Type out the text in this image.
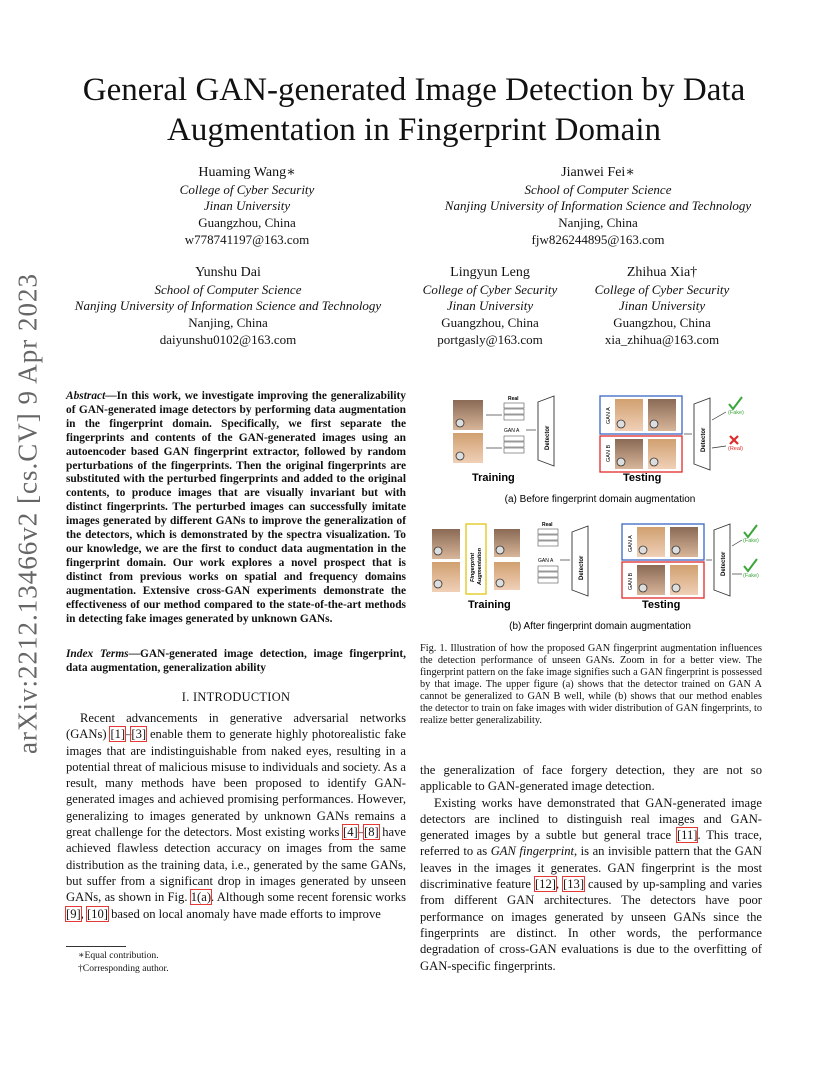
arXiv:2212.13466v2 [cs.CV] 9 Apr 2023
General GAN-generated Image Detection by Data
Augmentation in Fingerprint Domain
Huaming Wang∗
College of Cyber Security
Jinan University
Guangzhou, China
w778741197@163.com
Jianwei Fei∗
School of Computer Science
Nanjing University of Information Science and Technology
Nanjing, China
fjw826244895@163.com
Yunshu Dai
School of Computer Science
Nanjing University of Information Science and Technology
Nanjing, China
daiyunshu0102@163.com
Lingyun Leng
College of Cyber Security
Jinan University
Guangzhou, China
portgasly@163.com
Zhihua Xia†
College of Cyber Security
Jinan University
Guangzhou, China
xia_zhihua@163.com
Abstract—In this work, we investigate improving the generalizability of GAN-generated image detectors by performing data augmentation in the fingerprint domain. Specifically, we first separate the fingerprints and contents of the GAN-generated images using an autoencoder based GAN fingerprint extractor, followed by random perturbations of the fingerprints. Then the original fingerprints are substituted with the perturbed fingerprints and added to the original contents, to produce images that are visually invariant but with distinct fingerprints. The perturbed images can successfully imitate images generated by different GANs to improve the generalization of the detectors, which is demonstrated by the spectra visualization. To our knowledge, we are the first to conduct data augmentation in the fingerprint domain. Our work explores a novel prospect that is distinct from previous works on spatial and frequency domains augmentation. Extensive cross-GAN experiments demonstrate the effectiveness of our method compared to the state-of-the-art methods in detecting fake images generated by unknown GANs.
Index Terms—GAN-generated image detection, image fingerprint, data augmentation, generalization ability
I. INTRODUCTION

Recent advancements in generative adversarial networks (GANs) [1]–[3] enable them to generate highly photorealistic fake images that are indistinguishable from naked eyes, resulting in a potential threat of malicious misuse to individuals and society. As a result, many methods have been proposed to identify GAN-generated images and achieved promising performances. However, generalizing to images generated by unknown GANs remains a great challenge for the detectors. Most existing works [4]–[8] have achieved flawless detection accuracy on images from the same distribution as the training data, i.e., generated by the same GANs, but suffer from a significant drop in images generated by unseen GANs, as shown in Fig. 1(a). Although some recent forensic works [9], [10] based on local anomaly have made efforts to improve

∗Equal contribution.
†Corresponding author.
Real
GAN A	Detector
Training
GAN A
GAN B
Detector
(Fake)
(Real)
Testing
(a) Before fingerprint domain augmentation
Fingerprint Augmentation
Real
GAN A	Detector
Training
GAN A
GAN B
Detector
(Fake)
(Fake)
Testing
(b) After fingerprint domain augmentation
Fig. 1. Illustration of how the proposed GAN fingerprint augmentation influences the detection performance of unseen GANs. Zoom in for a better view. The fingerprint pattern on the fake image signifies such a GAN fingerprint is possessed by that image. The upper figure (a) shows that the detector trained on GAN A cannot be generalized to GAN B well, while (b) shows that our method enables the detector to train on fake images with wider distribution of GAN fingerprints, to realize better generalizability.

the generalization of face forgery detection, they are not so applicable to GAN-generated image detection.

Existing works have demonstrated that GAN-generated image detectors are inclined to distinguish real images and GAN-generated images by a subtle but general trace [11]. This trace, referred to as GAN fingerprint, is an invisible pattern that the GAN leaves in the images it generates. GAN fingerprint is the most discriminative feature [12], [13] caused by up-sampling and varies from different GAN architectures. The detectors have poor performance on images generated by unseen GANs since the fingerprints are distinct. In other words, the performance degradation of cross-GAN evaluations is due to the overfitting of GAN-specific fingerprints.
